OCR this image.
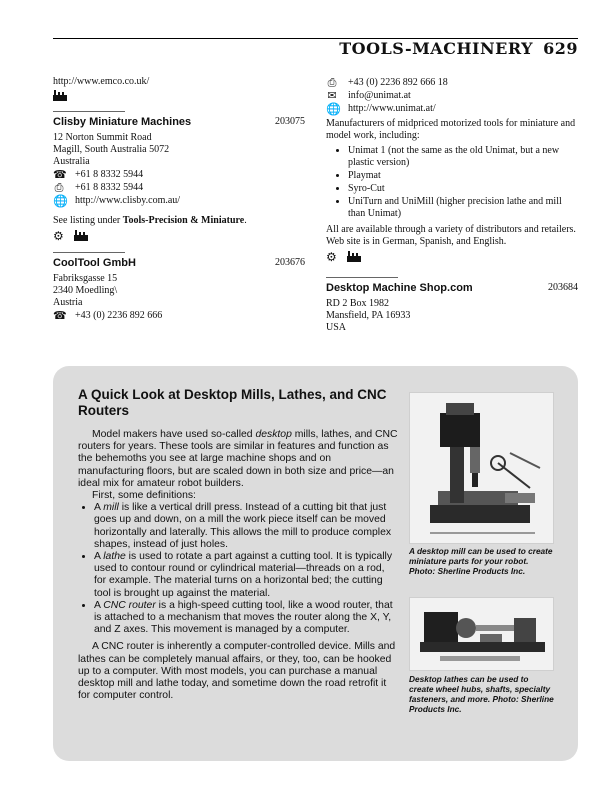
TOOLS-MACHINERY 629
http://www.emco.co.uk/
Clisby Miniature Machines	203075
12 Norton Summit Road
Magill, South Australia 5072
Australia
☎ +61 8 8332 5944
⎙ +61 8 8332 5944
🌐 http://www.clisby.com.au/
See listing under Tools-Precision & Miniature.
⚙
CoolTool GmbH	203676
Fabriksgasse 15
2340 Moedling\
Austria
☎ +43 (0) 2236 892 666
⎙ +43 (0) 2236 892 666 18
✉ info@unimat.at
🌐 http://www.unimat.at/
Manufacturers of midpriced motorized tools for miniature and model work, including:
• Unimat 1 (not the same as the old Unimat, but a new plastic version)
• Playmat
• Syro-Cut
• UniTurn and UniMill (higher precision lathe and mill than Unimat)
All are available through a variety of distributors and retailers. Web site is in German, Spanish, and English.
⚙
Desktop Machine Shop.com	203684
RD 2 Box 1982
Mansfield, PA 16933
USA
A Quick Look at Desktop Mills, Lathes, and CNC Routers

Model makers have used so-called desktop mills, lathes, and CNC routers for years. These tools are similar in features and function as the behemoths you see at large machine shops and on manufacturing floors, but are scaled down in both size and price—an ideal mix for amateur robot builders.

First, some definitions:

• A mill is like a vertical drill press. Instead of a cutting bit that just goes up and down, on a mill the work piece itself can be moved horizontally and laterally. This allows the mill to produce complex shapes, instead of just holes.
• A lathe is used to rotate a part against a cutting tool. It is typically used to contour round or cylindrical material—threads on a rod, for example. The material turns on a horizontal bed; the cutting tool is brought up against the material.
• A CNC router is a high-speed cutting tool, like a wood router, that is attached to a mechanism that moves the router along the X, Y, and Z axes. This movement is managed by a computer.

A CNC router is inherently a computer-controlled device. Mills and lathes can be completely manual affairs, or they, too, can be hooked up to a computer. With most models, you can purchase a manual desktop mill and lathe today, and sometime down the road retrofit it for computer control.

A desktop mill can be used to create miniature parts for your robot. Photo: Sherline Products Inc.
Desktop lathes can be used to create wheel hubs, shafts, specialty fasteners, and more. Photo: Sherline Products Inc.
